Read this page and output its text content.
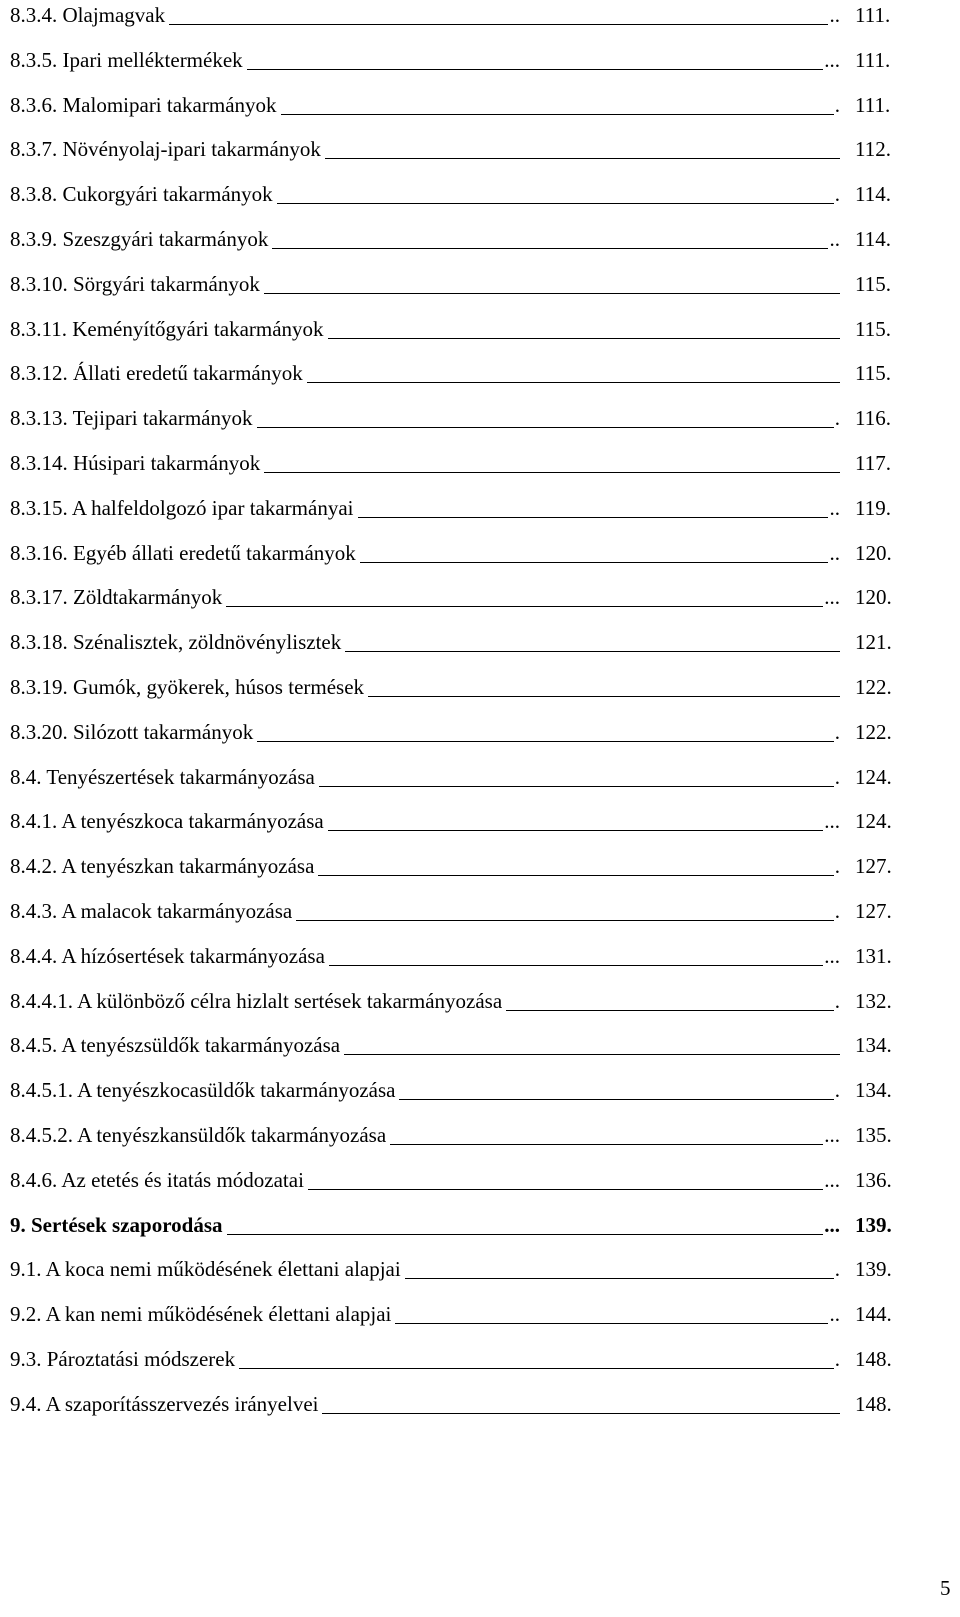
8.3.4. Olajmagvak	.. 111.
8.3.5. Ipari melléktermékek	... 111.
8.3.6. Malomipari takarmányok	. 111.
8.3.7. Növényolaj-ipari takarmányok	112.
8.3.8. Cukorgyári takarmányok	. 114.
8.3.9. Szeszgyári takarmányok	.. 114.
8.3.10. Sörgyári takarmányok	115.
8.3.11. Keményítőgyári takarmányok	115.
8.3.12. Állati eredetű takarmányok	115.
8.3.13. Tejipari takarmányok	. 116.
8.3.14. Húsipari takarmányok	117.
8.3.15. A halfeldolgozó ipar takarmányai	.. 119.
8.3.16. Egyéb állati eredetű takarmányok	.. 120.
8.3.17. Zöldtakarmányok	... 120.
8.3.18. Szénalisztek, zöldnövénylisztek	121.
8.3.19. Gumók, gyökerek, húsos termések	122.
8.3.20. Silózott takarmányok	. 122.
8.4. Tenyészertések takarmányozása	. 124.
8.4.1. A tenyészkoca takarmányozása	... 124.
8.4.2. A tenyészkan takarmányozása	. 127.
8.4.3. A malacok takarmányozása	. 127.
8.4.4. A hízósertések takarmányozása	... 131.
8.4.4.1. A különböző célra hizlalt sertések takarmányozása	. 132.
8.4.5. A tenyészsüldők takarmányozása	134.
8.4.5.1. A tenyészkocasüldők takarmányozása	. 134.
8.4.5.2. A tenyészkansüldők takarmányozása	... 135.
8.4.6. Az etetés és itatás módozatai	... 136.
9. Sertések szaporodása	... 139.
9.1. A koca nemi működésének élettani alapjai	. 139.
9.2. A kan nemi működésének élettani alapjai	.. 144.
9.3. Pároztatási módszerek	. 148.
9.4. A szaporításszervezés irányelvei	148.
5
